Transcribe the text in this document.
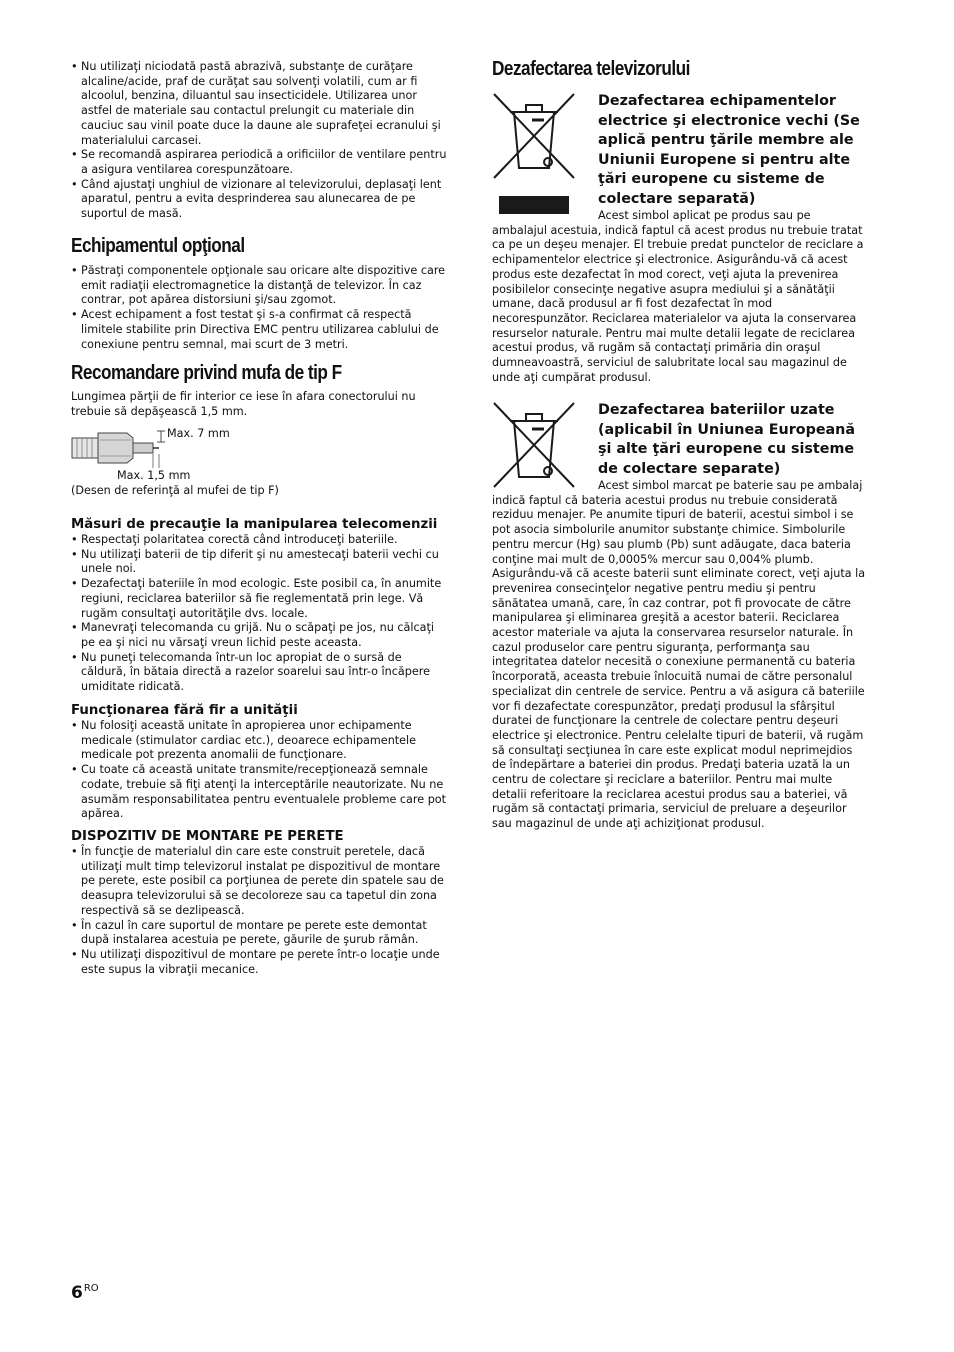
• Nu utilizaţi niciodată pastă abrazivă, substanţe de curăţare alcaline/acide, praf de curăţat sau solvenţi volatili, cum ar fi alcoolul, benzina, diluantul sau insecticidele. Utilizarea unor astfel de materiale sau contactul prelungit cu materiale din cauciuc sau vinil poate duce la daune ale suprafeţei ecranului şi materialului carcasei.
• Se recomandă aspirarea periodică a orificiilor de ventilare pentru a asigura ventilarea corespunzătoare.
• Când ajustaţi unghiul de vizionare al televizorului, deplasaţi lent aparatul, pentru a evita desprinderea sau alunecarea de pe suportul de masă.
Echipamentul opţional
• Păstraţi componentele opţionale sau oricare alte dispozitive care emit radiaţii electromagnetice la distanţă de televizor. În caz contrar, pot apărea distorsiuni şi/sau zgomot.
• Acest echipament a fost testat şi s-a confirmat că respectă limitele stabilite prin Directiva EMC pentru utilizarea cablului de conexiune pentru semnal, mai scurt de 3 metri.
Recomandare privind mufa de tip F

Lungimea părţii de fir interior ce iese în afara conectorului nu trebuie să depăşească 1,5 mm.

Max. 7 mm
Max. 1,5 mm
(Desen de referinţă al mufei de tip F)
Măsuri de precauţie la manipularea telecomenzii
• Respectaţi polaritatea corectă când introduceţi bateriile.
• Nu utilizaţi baterii de tip diferit şi nu amestecaţi baterii vechi cu unele noi.
• Dezafectaţi bateriile în mod ecologic. Este posibil ca, în anumite regiuni, reciclarea bateriilor să fie reglementată prin lege. Vă rugăm consultaţi autorităţile dvs. locale.
• Manevraţi telecomanda cu grijă. Nu o scăpaţi pe jos, nu călcaţi pe ea şi nici nu vărsaţi vreun lichid peste aceasta.
• Nu puneţi telecomanda într-un loc apropiat de o sursă de căldură, în bătaia directă a razelor soarelui sau într-o încăpere umiditate ridicată.
Funcţionarea fără fir a unităţii
• Nu folosiţi această unitate în apropierea unor echipamente medicale (stimulator cardiac etc.), deoarece echipamentele medicale pot prezenta anomalii de funcţionare.
• Cu toate că această unitate transmite/recepţionează semnale codate, trebuie să fiţi atenţi la interceptările neautorizate. Nu ne asumăm responsabilitatea pentru eventualele probleme care pot apărea.
DISPOZITIV DE MONTARE PE PERETE
• În funcţie de materialul din care este construit peretele, dacă utilizaţi mult timp televizorul instalat pe dispozitivul de montare pe perete, este posibil ca porţiunea de perete din spatele sau de deasupra televizorului să se decoloreze sau ca tapetul din zona respectivă să se dezlipească.
• În cazul în care suportul de montare pe perete este demontat după instalarea acestuia pe perete, găurile de şurub rămân.
• Nu utilizaţi dispozitivul de montare pe perete într-o locaţie unde este supus la vibraţii mecanice.
Dezafectarea televizorului
Dezafectarea echipamentelor electrice şi electronice vechi (Se aplică pentru ţările membre ale Uniunii Europene si pentru alte ţări europene cu sisteme de colectare separată)

Acest simbol aplicat pe produs sau pe ambalajul acestuia, indică faptul că acest produs nu trebuie tratat ca pe un deşeu menajer. El trebuie predat punctelor de reciclare a echipamentelor electrice şi electronice. Asigurându-vă că acest produs este dezafectat în mod corect, veţi ajuta la prevenirea posibilelor consecinţe negative asupra mediului şi a sănătăţii umane, dacă produsul ar fi fost dezafectat în mod necorespunzător. Reciclarea materialelor va ajuta la conservarea resurselor naturale. Pentru mai multe detalii legate de reciclarea acestui produs, vă rugăm să contactaţi primăria din oraşul dumneavoastră, serviciul de salubritate local sau magazinul de unde aţi cumpărat produsul.

Dezafectarea bateriilor uzate (aplicabil în Uniunea Europeană şi alte ţări europene cu sisteme de colectare separate)

Acest simbol marcat pe baterie sau pe ambalaj indică faptul că bateria acestui produs nu trebuie considerată reziduu menajer. Pe anumite tipuri de baterii, acestui simbol i se pot asocia simbolurile anumitor substanţe chimice. Simbolurile pentru mercur (Hg) sau plumb (Pb) sunt adăugate, daca bateria conţine mai mult de 0,0005% mercur sau 0,004% plumb. Asigurându-vă că aceste baterii sunt eliminate corect, veţi ajuta la prevenirea consecinţelor negative pentru mediu şi pentru sănătatea umană, care, în caz contrar, pot fi provocate de către manipularea şi eliminarea greşită a acestor baterii. Reciclarea acestor materiale va ajuta la conservarea resurselor naturale. În cazul produselor care pentru siguranţa, performanţa sau integritatea datelor necesită o conexiune permanentă cu bateria încorporată, aceasta trebuie înlocuită numai de către personalul specializat din centrele de service. Pentru a vă asigura că bateriile vor fi dezafectate corespunzător, predaţi produsul la sfârşitul duratei de funcţionare la centrele de colectare pentru deşeuri electrice şi electronice. Pentru celelalte tipuri de baterii, vă rugăm să consultaţi secţiunea în care este explicat modul neprimejdios de îndepărtare a bateriei din produs. Predaţi bateria uzată la un centru de colectare şi reciclare a bateriilor. Pentru mai multe detalii referitoare la reciclarea acestui produs sau a bateriei, vă rugăm să contactaţi primaria, serviciul de preluare a deşeurilor sau magazinul de unde aţi achiziţionat produsul.

$6^{RO}$
